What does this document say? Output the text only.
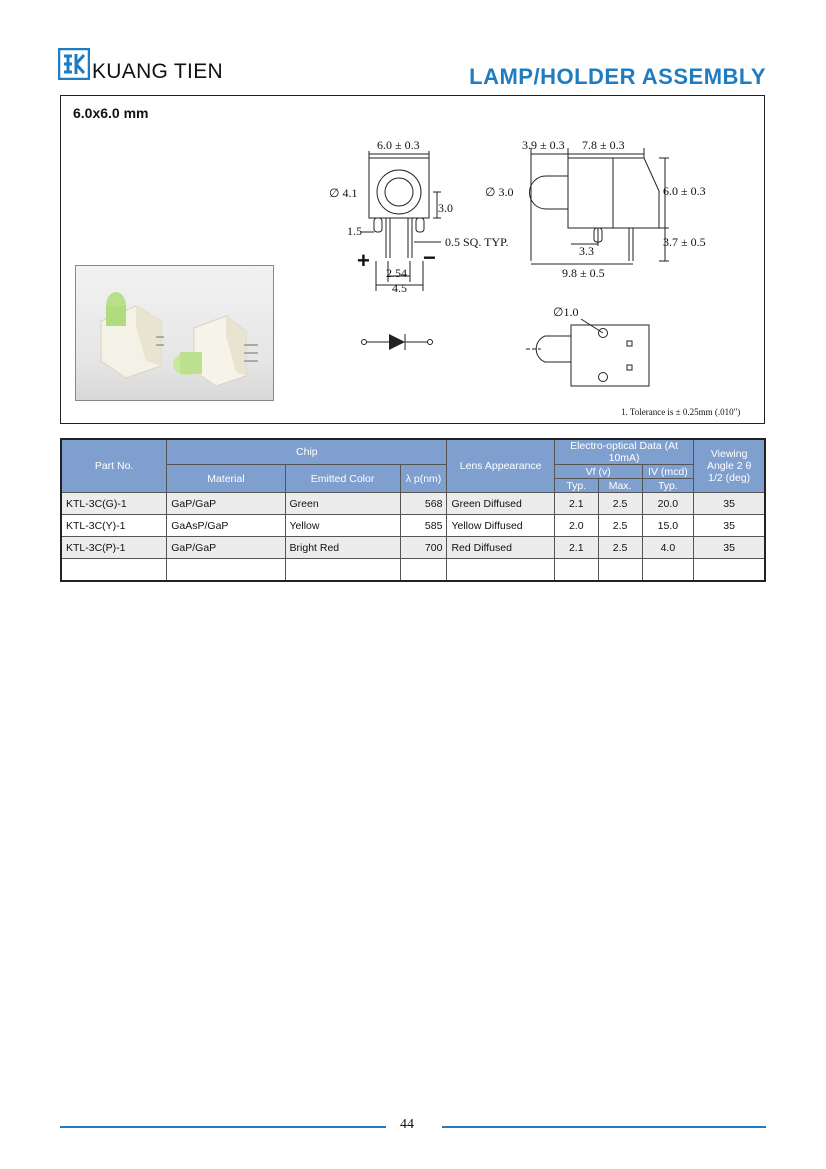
KUANG TIEN	LAMP/HOLDER ASSEMBLY
6.0x6.0 mm
6.0 ± 0.3
∅ 4.1
3.0
1.5
0.5 SQ. TYP.
+ −
2.54
4.5
3.9 ± 0.3 7.8 ± 0.3
∅ 3.0	6.0 ± 0.3
3.3
3.7 ± 0.5
9.8 ± 0.5
∅1.0
1. Tolerance is ± 0.25mm (.010")
Part No.	Chip			Lens Appearance	Electro-optical Data (At 10mA)			Viewing Angle 2 θ 1/2 (deg)
	Material	Emitted Color	λ p(nm)		Vf (v)		IV (mcd)	
					Typ.	Max.	Typ.	
KTL-3C(G)-1	GaP/GaP	Green	568	Green Diffused	2.1	2.5	20.0	35
KTL-3C(Y)-1	GaAsP/GaP	Yellow	585	Yellow Diffused	2.0	2.5	15.0	35
KTL-3C(P)-1	GaP/GaP	Bright Red	700	Red Diffused	2.1	2.5	4.0	35

44
